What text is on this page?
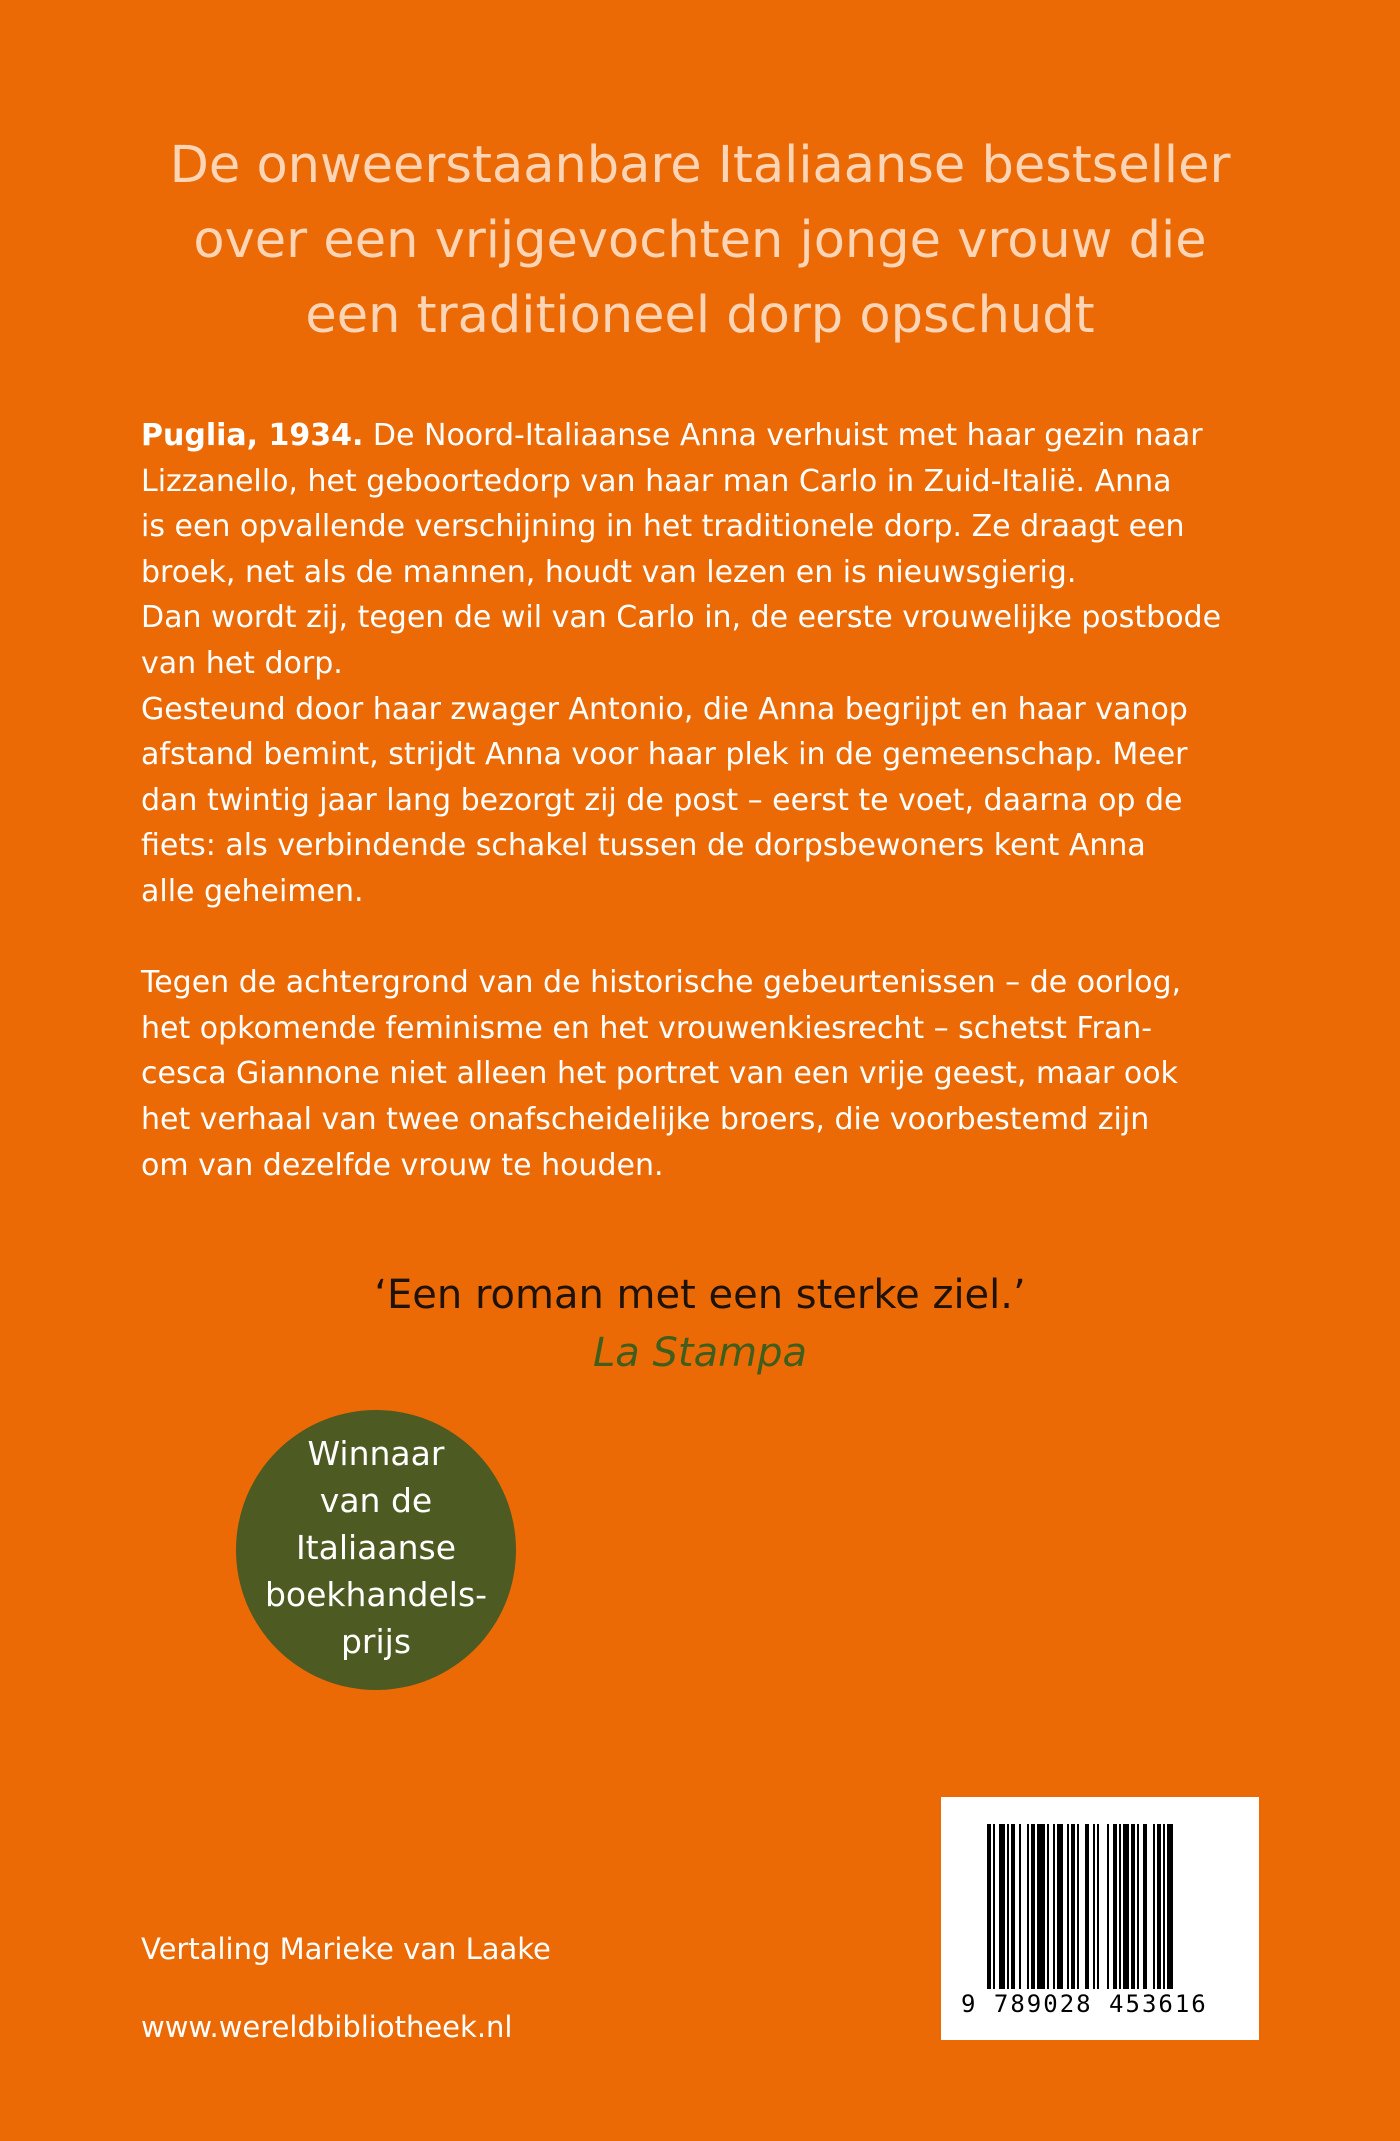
De onweerstaanbare Italiaanse bestseller
over een vrijgevochten jonge vrouw die
een traditioneel dorp opschudt
Puglia, 1934. De Noord-Italiaanse Anna verhuist met haar gezin naar
Lizzanello, het geboortedorp van haar man Carlo in Zuid-Italië. Anna
is een opvallende verschijning in het traditionele dorp. Ze draagt een
broek, net als de mannen, houdt van lezen en is nieuwsgierig.
Dan wordt zij, tegen de wil van Carlo in, de eerste vrouwelijke postbode
van het dorp.
Gesteund door haar zwager Antonio, die Anna begrijpt en haar vanop
afstand bemint, strijdt Anna voor haar plek in de gemeenschap. Meer
dan twintig jaar lang bezorgt zij de post – eerst te voet, daarna op de
fiets: als verbindende schakel tussen de dorpsbewoners kent Anna
alle geheimen.
Tegen de achtergrond van de historische gebeurtenissen – de oorlog,
het opkomende feminisme en het vrouwenkiesrecht – schetst Fran-
cesca Giannone niet alleen het portret van een vrije geest, maar ook
het verhaal van twee onafscheidelijke broers, die voorbestemd zijn
om van dezelfde vrouw te houden.
‘Een roman met een sterke ziel.’
La Stampa
Winnaar
van de
Italiaanse
boekhandels-
prijs
Vertaling Marieke van Laake
www.wereldbibliotheek.nl
9 789028 453616
